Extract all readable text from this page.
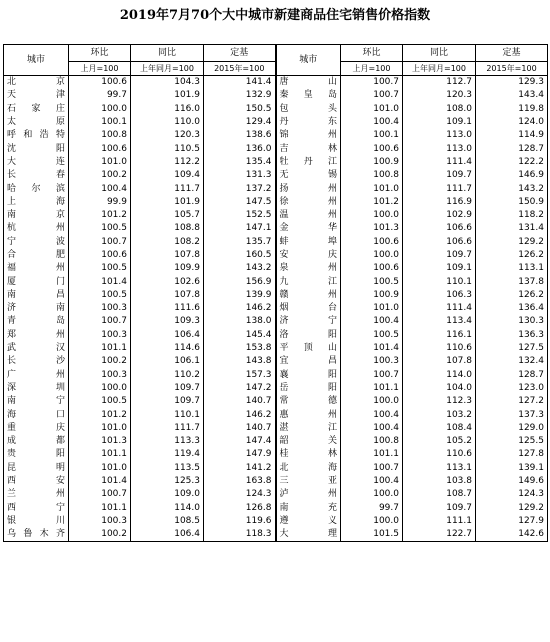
2019年7月70个大中城市新建商品住宅销售价格指数
城市	环比	同比	定基	城市	环比	同比	定基
	上月=100	上年同月=100	2015年=100		上月=100	上年同月=100	2015年=100
北　京	100.6	104.3	141.4	唐　山	100.7	112.7	129.3
天　津	99.7	101.9	132.9	秦皇岛	100.7	120.3	143.4
石家庄	100.0	116.0	150.5	包　头	101.0	108.0	119.8
太　原	100.1	110.0	129.4	丹　东	100.4	109.1	124.0
呼和浩特	100.8	120.3	138.6	锦　州	100.1	113.0	114.9
沈　阳	100.6	110.5	136.0	吉　林	100.6	113.0	128.7
大　连	101.0	112.2	135.4	牡丹江	100.9	111.4	122.2
长　春	100.2	109.4	131.3	无　锡	100.8	109.7	146.9
哈尔滨	100.4	111.7	137.2	扬　州	101.0	111.7	143.2
上　海	99.9	101.9	147.5	徐　州	101.2	116.9	150.9
南　京	101.2	105.7	152.5	温　州	100.0	102.9	118.2
杭　州	100.5	108.8	147.1	金　华	101.3	106.6	131.4
宁　波	100.7	108.2	135.7	蚌　埠	100.6	106.6	129.2
合　肥	100.6	107.8	160.5	安　庆	100.0	109.7	126.2
福　州	100.5	109.9	143.2	泉　州	100.6	109.1	113.1
厦　门	101.4	102.6	156.9	九　江	100.5	110.1	137.8
南　昌	100.5	107.8	139.9	赣　州	100.9	106.3	126.2
济　南	100.3	111.6	146.2	烟　台	101.0	111.4	136.4
青　岛	100.7	109.3	138.0	济　宁	100.4	113.4	130.3
郑　州	100.3	106.4	145.4	洛　阳	100.5	116.1	136.3
武　汉	101.1	114.6	153.8	平顶山	101.4	110.6	127.5
长　沙	100.2	106.1	143.8	宜　昌	100.3	107.8	132.4
广　州	100.3	110.2	157.3	襄　阳	100.7	114.0	128.7
深　圳	100.0	109.7	147.2	岳　阳	101.1	104.0	123.0
南　宁	100.5	109.7	140.7	常　德	100.0	112.3	127.2
海　口	101.2	110.1	146.2	惠　州	100.4	103.2	137.3
重　庆	101.0	111.7	140.7	湛　江	100.4	108.4	129.0
成　都	101.3	113.3	147.4	韶　关	100.8	105.2	125.5
贵　阳	101.1	119.4	147.9	桂　林	101.1	110.6	127.8
昆　明	101.0	113.5	141.2	北　海	100.7	113.1	139.1
西　安	101.4	125.3	163.8	三　亚	100.4	103.8	149.6
兰　州	100.7	109.0	124.3	泸　州	100.0	108.7	124.3
西　宁	101.1	114.0	126.8	南　充	99.7	109.7	129.2
银　川	100.3	108.5	119.6	遵　义	100.0	111.1	127.9
乌鲁木齐	100.2	106.4	118.3	大　理	101.5	122.7	142.6
